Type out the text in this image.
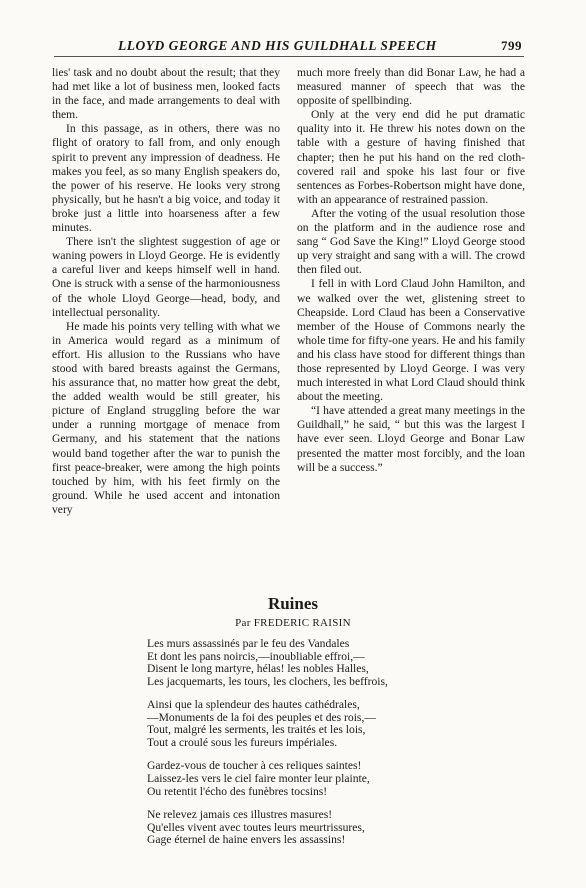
LLOYD GEORGE AND HIS GUILDHALL SPEECH	799

lies' task and no doubt about the result; that they had met like a lot of business men, looked facts in the face, and made arrangements to deal with them.

In this passage, as in others, there was no flight of oratory to fall from, and only enough spirit to prevent any impression of deadness. He makes you feel, as so many English speakers do, the power of his reserve. He looks very strong physically, but he hasn't a big voice, and today it broke just a little into hoarseness after a few minutes.

There isn't the slightest suggestion of age or waning powers in Lloyd George. He is evidently a careful liver and keeps himself well in hand. One is struck with a sense of the harmoniousness of the whole Lloyd George—head, body, and intellectual personality.

He made his points very telling with what we in America would regard as a minimum of effort. His allusion to the Russians who have stood with bared breasts against the Germans, his assurance that, no matter how great the debt, the added wealth would be still greater, his picture of England struggling before the war under a running mortgage of menace from Germany, and his statement that the nations would band together after the war to punish the first peace-breaker, were among the high points touched by him, with his feet firmly on the ground. While he used accent and intonation very

much more freely than did Bonar Law, he had a measured manner of speech that was the opposite of spellbinding.

Only at the very end did he put dramatic quality into it. He threw his notes down on the table with a gesture of having finished that chapter; then he put his hand on the red cloth-covered rail and spoke his last four or five sentences as Forbes-Robertson might have done, with an appearance of restrained passion.

After the voting of the usual resolution those on the platform and in the audience rose and sang “ God Save the King!” Lloyd George stood up very straight and sang with a will. The crowd then filed out.

I fell in with Lord Claud John Hamilton, and we walked over the wet, glistening street to Cheapside. Lord Claud has been a Conservative member of the House of Commons nearly the whole time for fifty-one years. He and his family and his class have stood for different things than those represented by Lloyd George. I was very much interested in what Lord Claud should think about the meeting.

“I have attended a great many meetings in the Guildhall,” he said, “ but this was the largest I have ever seen. Lloyd George and Bonar Law presented the matter most forcibly, and the loan will be a success.”

Ruines
Par FREDERIC RAISIN
Les murs assassinés par le feu des Vandales
Et dont les pans noircis,—inoubliable effroi,—
Disent le long martyre, hélas! les nobles Halles,
Les jacquemarts, les tours, les clochers, les beffrois,
Ainsi que la splendeur des hautes cathédrales,
—Monuments de la foi des peuples et des rois,—
Tout, malgré les serments, les traités et les lois,
Tout a croulé sous les fureurs impériales.
Gardez-vous de toucher à ces reliques saintes!
Laissez-les vers le ciel faire monter leur plainte,
Ou retentit l'écho des funèbres tocsins!
Ne relevez jamais ces illustres masures!
Qu'elles vivent avec toutes leurs meurtrissures,
Gage éternel de haine envers les assassins!
